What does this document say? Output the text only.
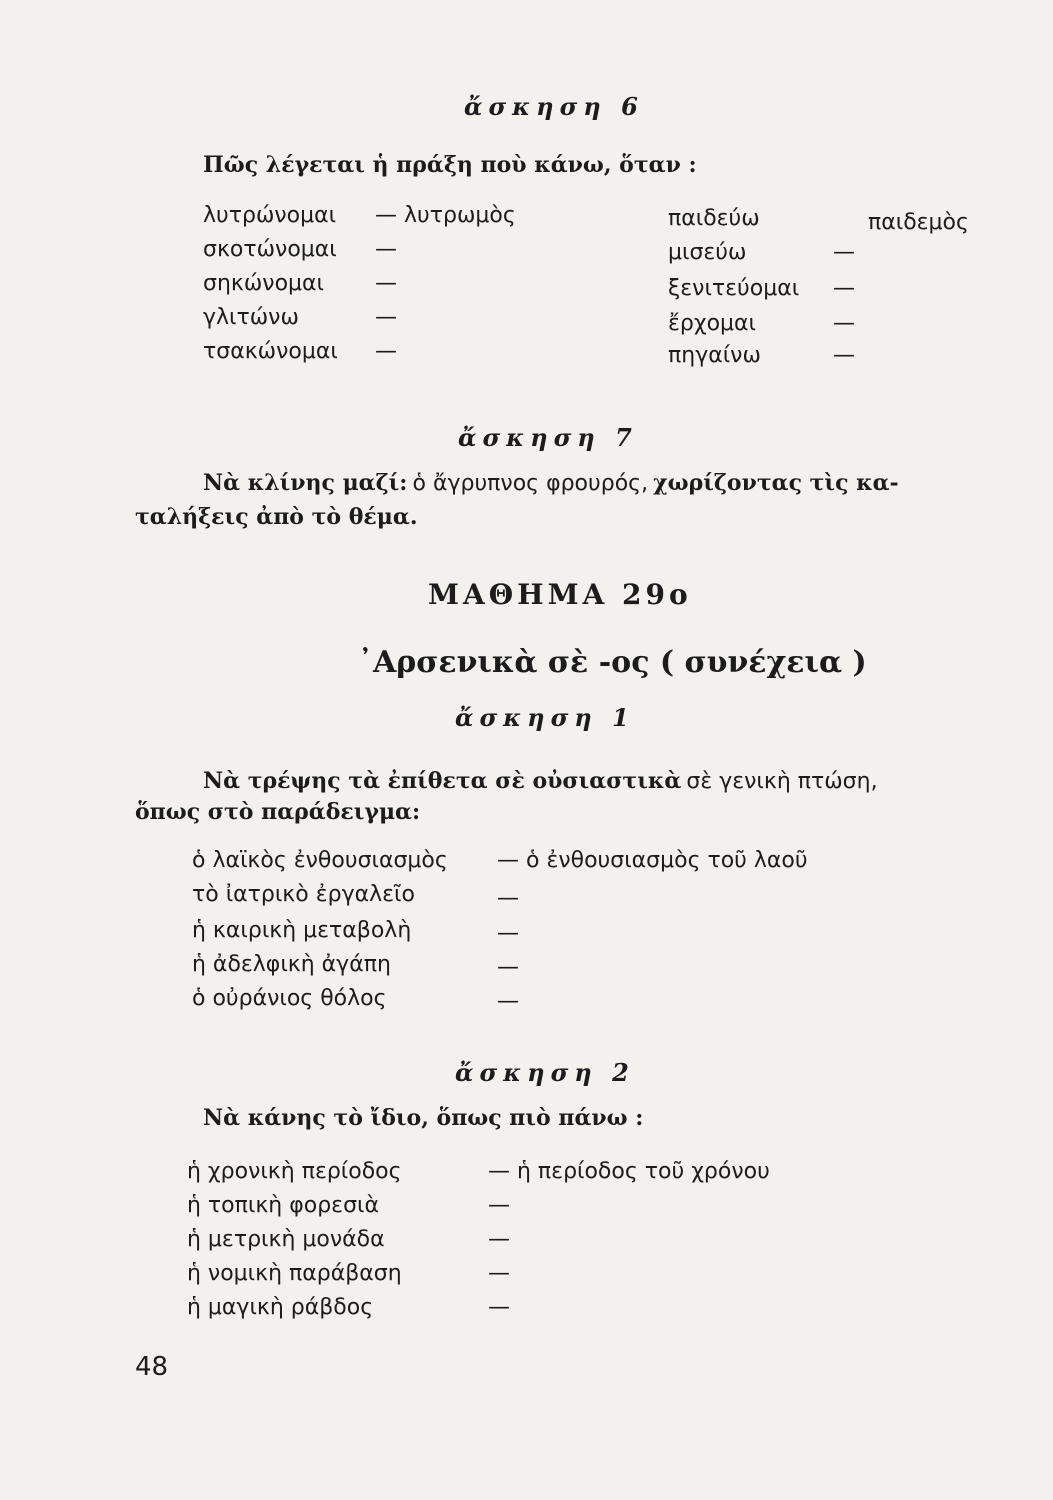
ἄσκηση 6
Πῶς λέγεται ἡ πράξη ποὺ κάνω, ὅταν :
λυτρώνομαι — λυτρωμὸς
σκοτώνομαι —
σηκώνομαι —
γλιτώνω	—
τσακώνομαι —
παιδεύω	παιδεμὸς
μισεύω	—
ξενιτεύομαι —
ἔρχομαι	—
πηγαίνω	—
ἄσκηση 7
Νὰ κλίνης μαζί: ὁ ἄγρυπνος φρουρός, χωρίζοντας τὶς κα-
ταλήξεις ἀπὸ τὸ θέμα.
ΜΑΘΗΜΑ 29ο
᾿Αρσενικὰ σὲ -ος ( συνέχεια )
ἄσκηση 1
Νὰ τρέψης τὰ ἐπίθετα σὲ οὐσιαστικὰ σὲ γενικὴ πτώση,
ὅπως στὸ παράδειγμα:
ὁ λαϊκὸς ἐνθουσιασμὸς — ὁ ἐνθουσιασμὸς τοῦ λαοῦ
τὸ ἰατρικὸ ἐργαλεῖο	—
ἡ καιρικὴ μεταβολὴ	—
ἡ ἀδελφικὴ ἀγάπη	—
ὁ οὐράνιος θόλος	—
ἄσκηση 2
Νὰ κάνης τὸ ἴδιο, ὅπως πιὸ πάνω :
ἡ χρονικὴ περίοδος	— ἡ περίοδος τοῦ χρόνου
ἡ τοπικὴ φορεσιὰ	—
ἡ μετρικὴ μονάδα	—
ἡ νομικὴ παράβαση	—
ἡ μαγικὴ ράβδος	—
48
